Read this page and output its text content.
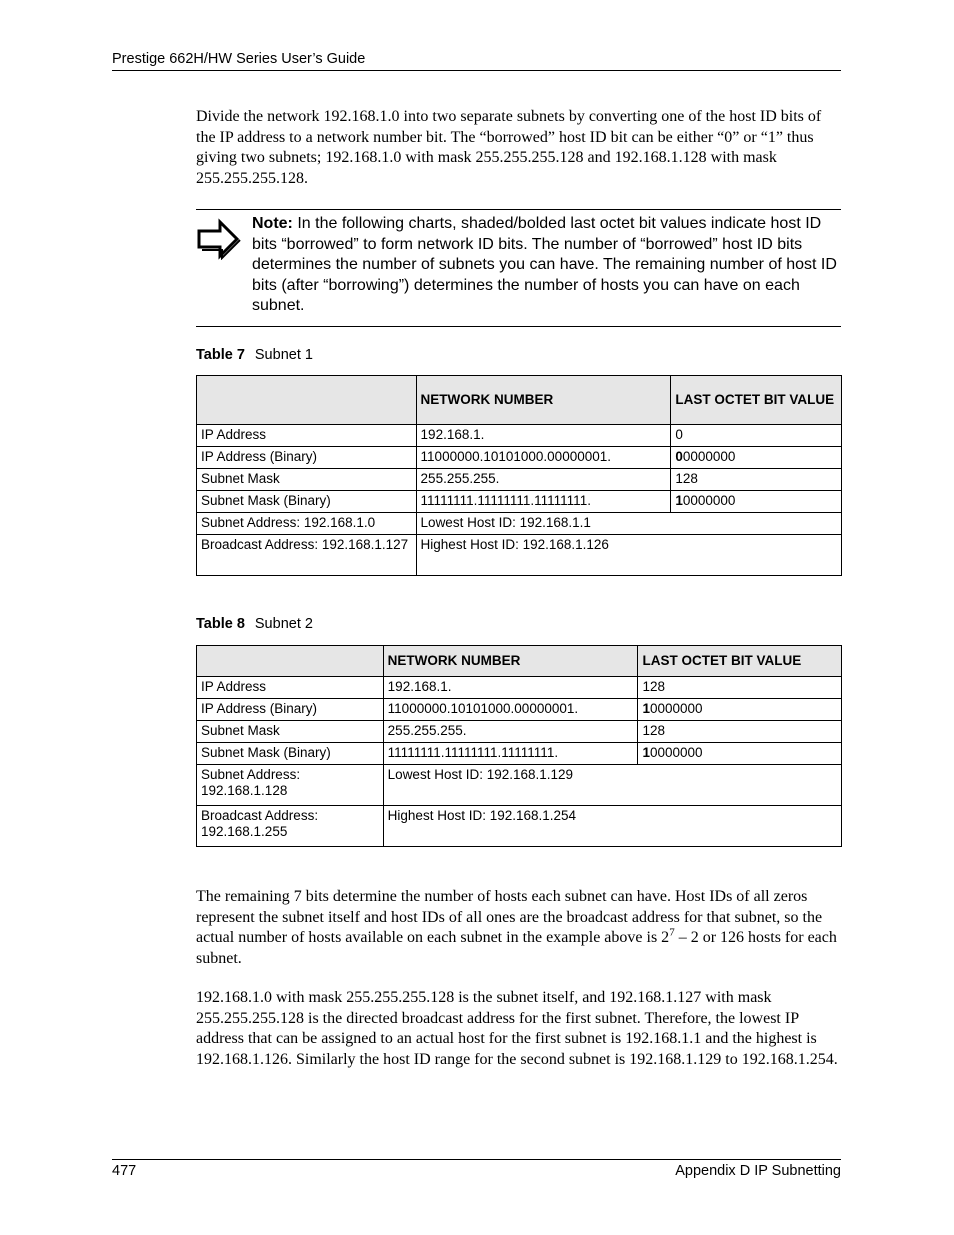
Prestige 662H/HW Series User’s Guide

Divide the network 192.168.1.0 into two separate subnets by converting one of the host ID bits of the IP address to a network number bit. The “borrowed” host ID bit can be either “0” or “1” thus giving two subnets; 192.168.1.0 with mask 255.255.255.128 and 192.168.1.128 with mask 255.255.255.128.

Note: In the following charts, shaded/bolded last octet bit values indicate host ID bits “borrowed” to form network ID bits. The number of “borrowed” host ID bits determines the number of subnets you can have. The remaining number of host ID bits (after “borrowing”) determines the number of hosts you can have on each subnet.
Table 7 Subnet 1
	NETWORK NUMBER	LAST OCTET BIT VALUE
IP Address	192.168.1.	0
IP Address (Binary)	11000000.10101000.00000001.	00000000
Subnet Mask	255.255.255.	128
Subnet Mask (Binary)	11111111.11111111.11111111.	10000000
Subnet Address: 192.168.1.0	Lowest Host ID: 192.168.1.1	
Broadcast Address: 192.168.1.127	Highest Host ID: 192.168.1.126	
Table 8 Subnet 2
	NETWORK NUMBER	LAST OCTET BIT VALUE
IP Address	192.168.1.	128
IP Address (Binary)	11000000.10101000.00000001.	10000000
Subnet Mask	255.255.255.	128
Subnet Mask (Binary)	11111111.11111111.11111111.	10000000
Subnet Address: 192.168.1.128	Lowest Host ID: 192.168.1.129	
Broadcast Address: 192.168.1.255	Highest Host ID: 192.168.1.254	

The remaining 7 bits determine the number of hosts each subnet can have. Host IDs of all zeros represent the subnet itself and host IDs of all ones are the broadcast address for that subnet, so the actual number of hosts available on each subnet in the example above is $2^7 - 2$ or 126 hosts for each subnet.

192.168.1.0 with mask 255.255.255.128 is the subnet itself, and 192.168.1.127 with mask 255.255.255.128 is the directed broadcast address for the first subnet. Therefore, the lowest IP address that can be assigned to an actual host for the first subnet is 192.168.1.1 and the highest is 192.168.1.126. Similarly the host ID range for the second subnet is 192.168.1.129 to 192.168.1.254.

477	Appendix D IP Subnetting
